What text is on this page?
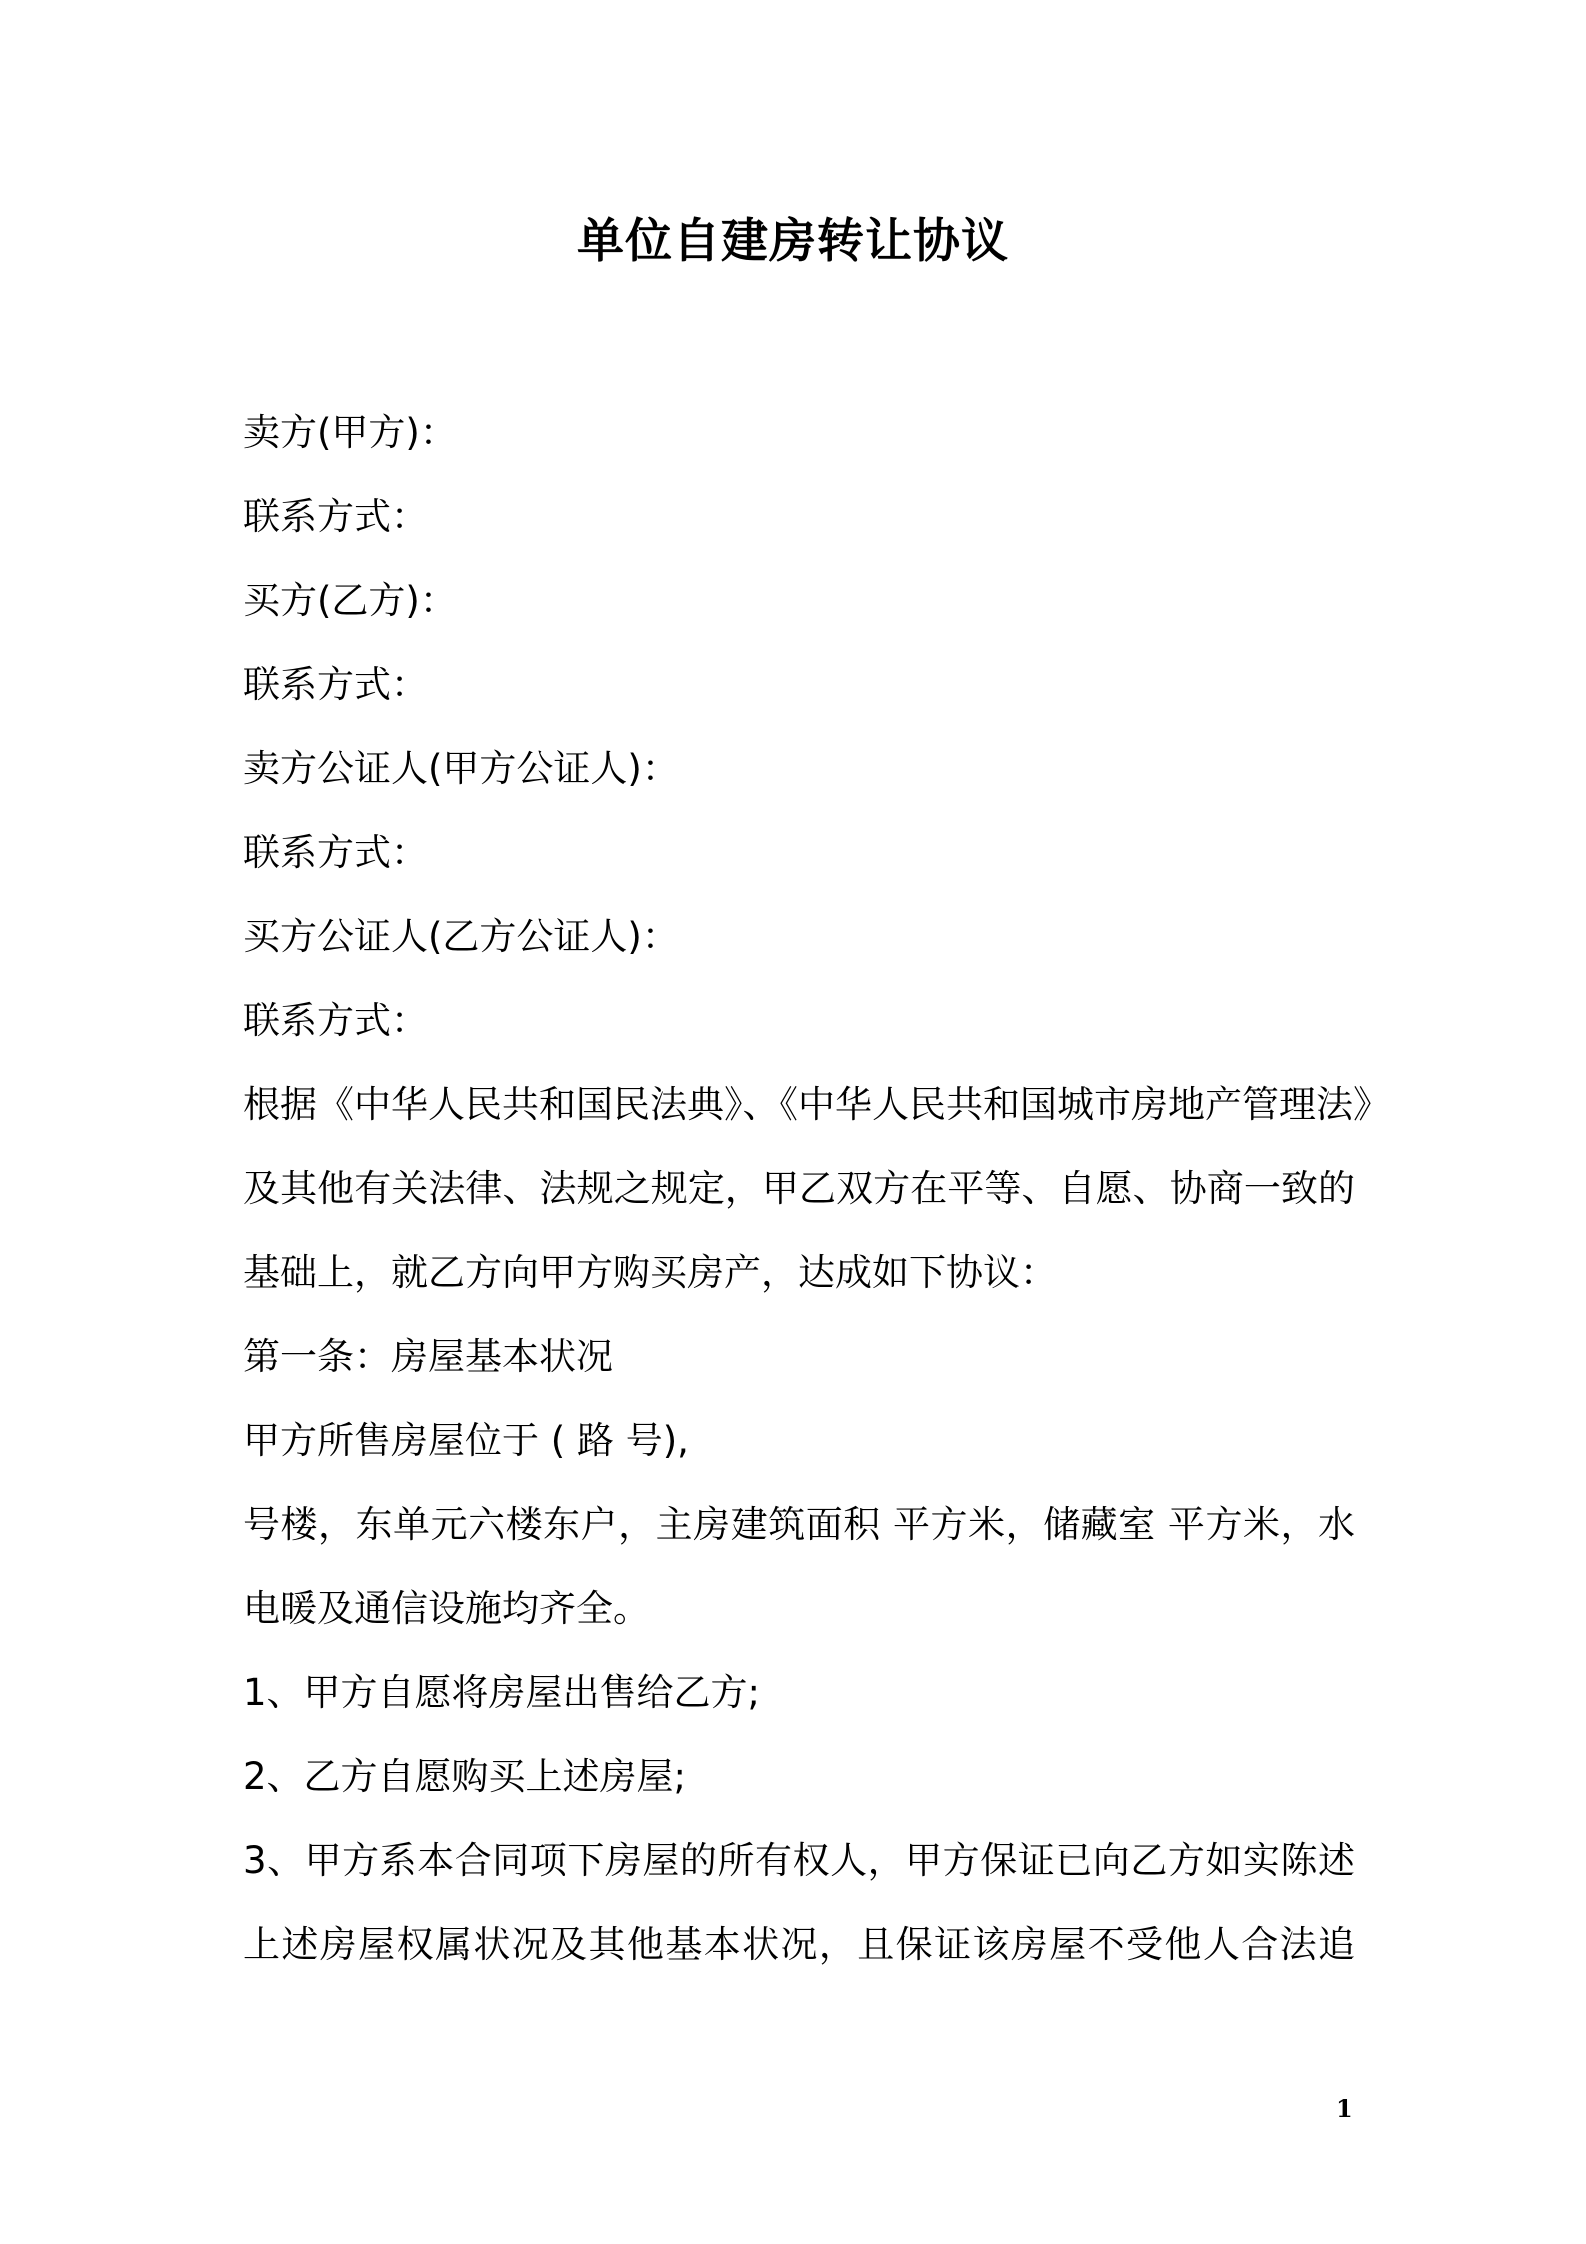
单位自建房转让协议
卖方(甲方)：
联系方式：
买方(乙方)：
联系方式：
卖方公证人(甲方公证人)：
联系方式：
买方公证人(乙方公证人)：
联系方式：
根据《中华人民共和国民法典》、《中华人民共和国城市房地产管理法》
及其他有关法律、法规之规定，甲乙双方在平等、自愿、协商一致的
基础上，就乙方向甲方购买房产，达成如下协议：
第一条：房屋基本状况
甲方所售房屋位于 ( 路 号),
号楼，东单元六楼东户，主房建筑面积 平方米，储藏室 平方米，水
电暖及通信设施均齐全。
1、甲方自愿将房屋出售给乙方;
2、乙方自愿购买上述房屋;
3、甲方系本合同项下房屋的所有权人，甲方保证已向乙方如实陈述
上述房屋权属状况及其他基本状况，且保证该房屋不受他人合法追
1
